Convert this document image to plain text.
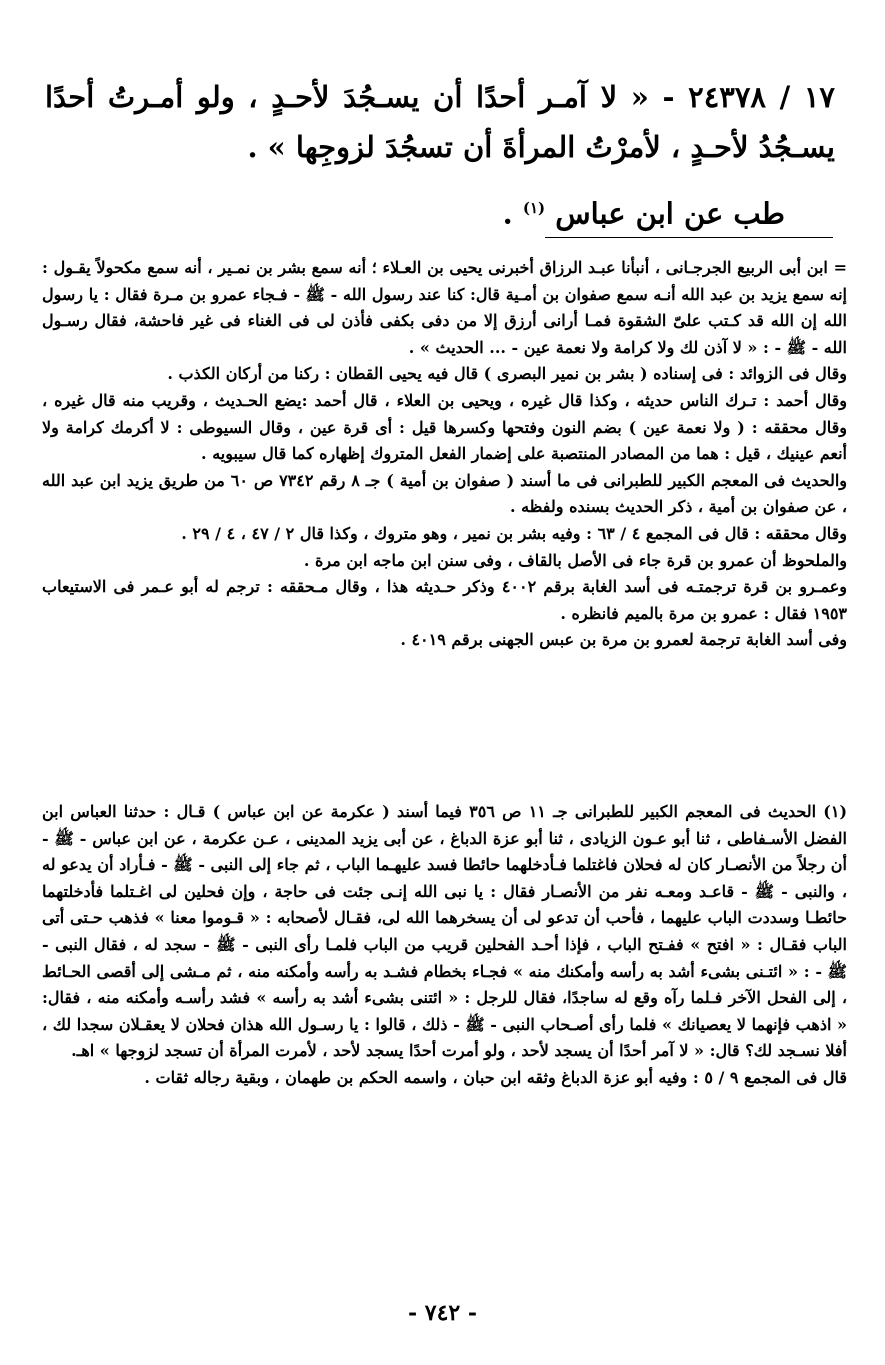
١٧ / ٢٤٣٧٨ - « لا آمـر أحدًا أن يسـجُدَ لأحـدٍ ، ولو أمـرتُ أحدًا يسـجُدُ لأحـدٍ ، لأمرْتُ المرأةَ أن تسجُدَ لزوجِها » .
طب عن ابن عباس $^{(١)}$ .

= ابن أبى الربيع الجرجـانى ، أنبأنا عبـد الرزاق أخبرنى يحيى بن العـلاء ؛ أنه سمع بشر بن نمـير ، أنه سمع مكحولاً يقـول : إنه سمع يزيد بن عبد الله أنـه سمع صفوان بن أمـية قال: كنا عند رسول الله - ﷺ - فـجاء عمرو بن مـرة فقال : يا رسول الله إن الله قد كـتب علىّ الشقوة فمـا أرانى أرزق إلا من دفى بكفى فأذن لى فى الغناء فى غير فاحشة، فقال رسـول الله - ﷺ - : « لا آذن لك ولا كرامة ولا نعمة عين - ... الحديث » .

وقال فى الزوائد : فى إسناده ( بشر بن نمير البصرى ) قال فيه يحيى القطان : ركنا من أركان الكذب .

وقال أحمد : تـرك الناس حديثه ، وكذا قال غيره ، ويحيى بن العلاء ، قال أحمد :يضع الحـديث ، وقريب منه قال غيره ، وقال محققه : ( ولا نعمة عين ) بضم النون وفتحها وكسرها قيل : أى قرة عين ، وقال السيوطى : لا أكرمك كرامة ولا أنعم عينيك ، قيل : هما من المصادر المنتصبة على إضمار الفعل المتروك إظهاره كما قال سيبويه .

والحديث فى المعجم الكبير للطبرانى فى ما أسند ( صفوان بن أمية ) جـ ٨ رقم ٧٣٤٢ ص ٦٠ من طريق يزيد ابن عبد الله ، عن صفوان بن أمية ، ذكر الحديث بسنده ولفظه .

وقال محققه : قال فى المجمع ٤ / ٦٣ : وفيه بشر بن نمير ، وهو متروك ، وكذا قال ٢ / ٤٧ ، ٤ / ٢٩ .

والملحوظ أن عمرو بن قرة جاء فى الأصل بالقاف ، وفى سنن ابن ماجه ابن مرة .

وعمـرو بن قرة ترجمتـه فى أسد الغابة برقم ٤٠٠٢ وذكر حـديثه هذا ، وقال مـحققه : ترجم له أبو عـمر فى الاستيعاب ١٩٥٣ فقال : عمرو بن مرة بالميم فانظره .

وفى أسد الغابة ترجمة لعمرو بن مرة بن عبس الجهنى برقم ٤٠١٩ .

(١) الحديث فى المعجم الكبير للطبرانى جـ ١١ ص ٣٥٦ فيما أسند ( عكرمة عن ابن عباس ) قـال : حدثنا العباس ابن الفضل الأسـفاطى ، ثنا أبو عـون الزيادى ، ثنا أبو عزة الدباغ ، عن أبى يزيد المدينى ، عـن عكرمة ، عن ابن عباس - ﷺ - أن رجلاً من الأنصـار كان له فحلان فاغتلما فـأدخلهما حائطا فسد عليهـما الباب ، ثم جاء إلى النبى - ﷺ - فـأراد أن يدعو له ، والنبى - ﷺ - قاعـد ومعـه نفر من الأنصـار فقال : يا نبى الله إنـى جئت فى حاجة ، وإن فحلين لى اغـتلما فأدخلتهما حائطـا وسددت الباب عليهما ، فأحب أن تدعو لى أن يسخرهما الله لى، فقـال لأصحابه : « قـوموا معنا » فذهب حـتى أتى الباب فقـال : « افتح » ففـتح الباب ، فإذا أحـد الفحلين قريب من الباب فلمـا رأى النبى - ﷺ - سجد له ، فقال النبى - ﷺ - : « ائتـنى بشىء أشد به رأسه وأمكنك منه » فجـاء بخطام فشـد به رأسه وأمكنه منه ، ثم مـشى إلى أقصى الحـائط ، إلى الفحل الآخر فـلما رآه وقع له ساجدًا، فقال للرجل : « ائتنى بشىء أشد به رأسه » فشد رأسـه وأمكنه منه ، فقال: « اذهب فإنهما لا يعصيانك » فلما رأى أصـحاب النبى - ﷺ - ذلك ، قالوا : يا رسـول الله هذان فحلان لا يعقـلان سجدا لك ، أفلا نسـجد لك؟ قال: « لا آمر أحدًا أن يسجد لأحد ، ولو أمرت أحدًا يسجد لأحد ، لأمرت المرأة أن تسجد لزوجها » اهـ.

قال فى المجمع ٩ / ٥ : وفيه أبو عزة الدباغ وثقه ابن حبان ، واسمه الحكم بن طهمان ، وبقية رجاله ثقات .

- ٧٤٢ -
